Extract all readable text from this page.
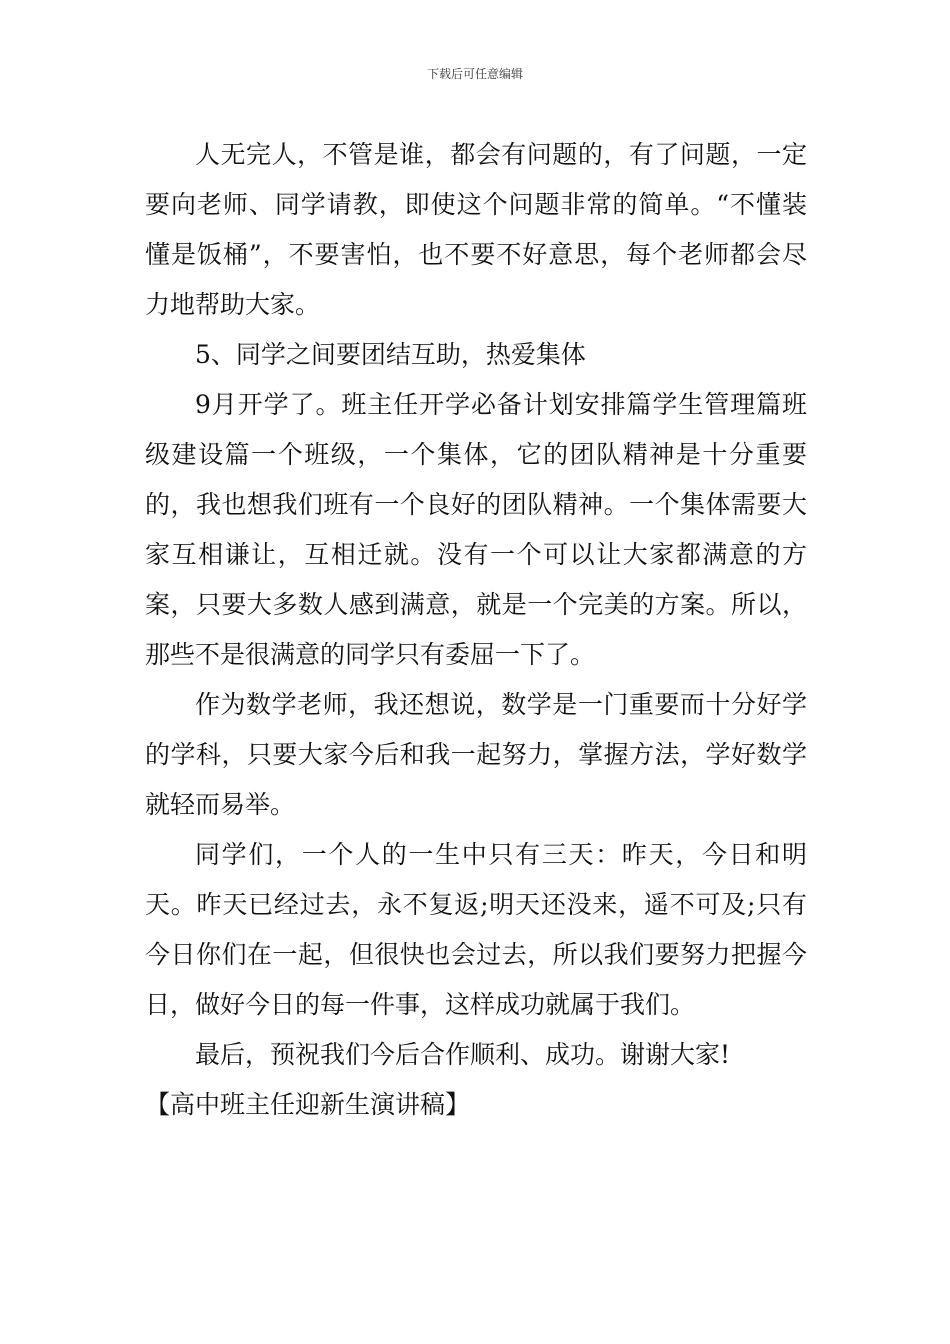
下载后可任意编辑

人无完人，不管是谁，都会有问题的，有了问题，一定要向老师、同学请教，即使这个问题非常的简单。“不懂装懂是饭桶”，不要害怕，也不要不好意思，每个老师都会尽力地帮助大家。

5、同学之间要团结互助，热爱集体

9月开学了。班主任开学必备计划安排篇学生管理篇班级建设篇一个班级，一个集体，它的团队精神是十分重要的，我也想我们班有一个良好的团队精神。一个集体需要大家互相谦让，互相迁就。没有一个可以让大家都满意的方案，只要大多数人感到满意，就是一个完美的方案。所以，那些不是很满意的同学只有委屈一下了。

作为数学老师，我还想说，数学是一门重要而十分好学的学科，只要大家今后和我一起努力，掌握方法，学好数学就轻而易举。

同学们，一个人的一生中只有三天：昨天，今日和明天。昨天已经过去，永不复返;明天还没来，遥不可及;只有今日你们在一起，但很快也会过去，所以我们要努力把握今日，做好今日的每一件事，这样成功就属于我们。

最后，预祝我们今后合作顺利、成功。谢谢大家!

【高中班主任迎新生演讲稿】
